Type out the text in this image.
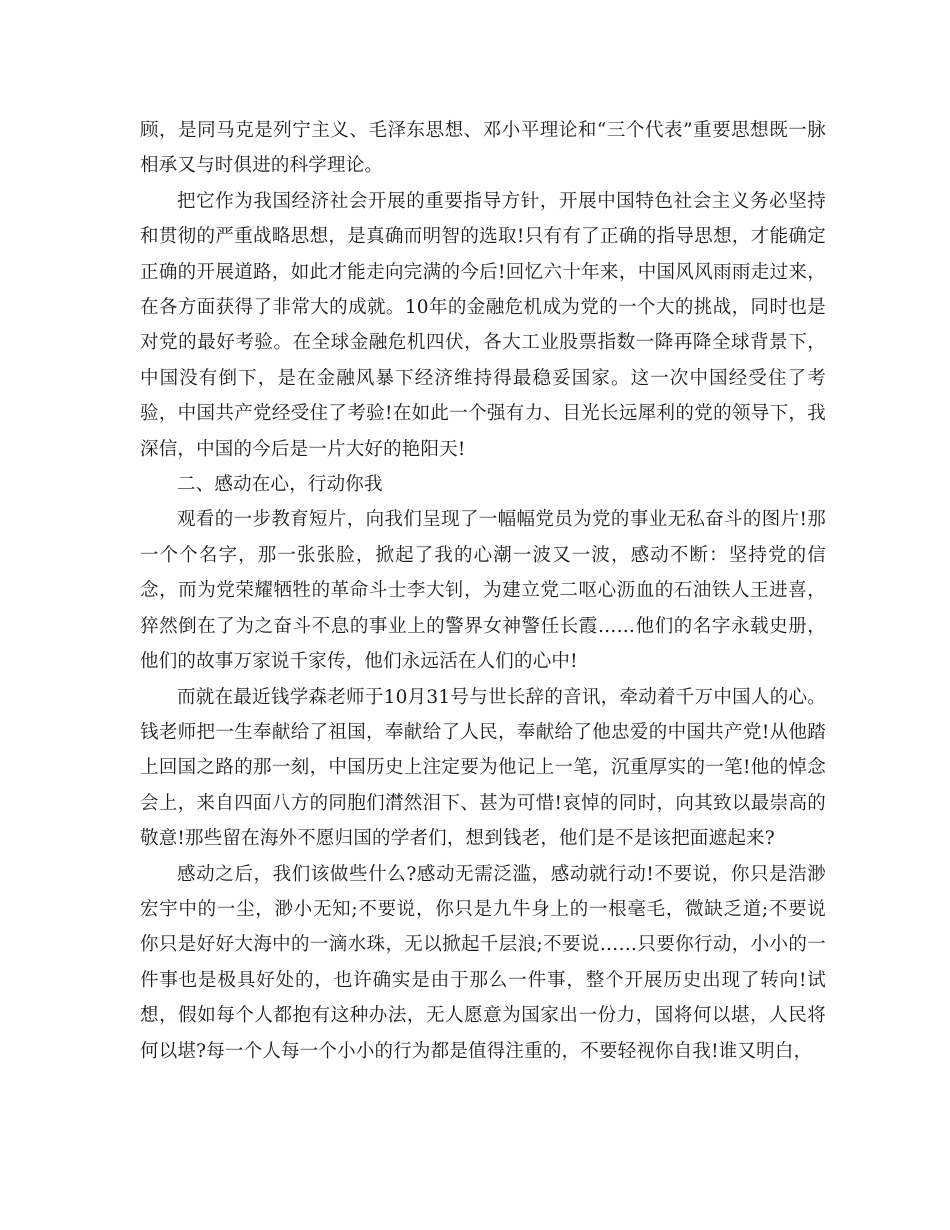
顾，是同马克是列宁主义、毛泽东思想、邓小平理论和“三个代表”重要思想既一脉相承又与时俱进的科学理论。

把它作为我国经济社会开展的重要指导方针，开展中国特色社会主义务必坚持和贯彻的严重战略思想，是真确而明智的选取!只有有了正确的指导思想，才能确定正确的开展道路，如此才能走向完满的今后!回忆六十年来，中国风风雨雨走过来，在各方面获得了非常大的成就。10年的金融危机成为党的一个大的挑战，同时也是对党的最好考验。在全球金融危机四伏，各大工业股票指数一降再降全球背景下，中国没有倒下，是在金融风暴下经济维持得最稳妥国家。这一次中国经受住了考验，中国共产党经受住了考验!在如此一个强有力、目光长远犀利的党的领导下，我深信，中国的今后是一片大好的艳阳天!

二、感动在心，行动你我

观看的一步教育短片，向我们呈现了一幅幅党员为党的事业无私奋斗的图片!那一个个名字，那一张张脸，掀起了我的心潮一波又一波，感动不断：坚持党的信念，而为党荣耀牺牲的革命斗士李大钊，为建立党二呕心沥血的石油铁人王进喜，猝然倒在了为之奋斗不息的事业上的警界女神警任长霞……他们的名字永载史册，他们的故事万家说千家传，他们永远活在人们的心中!

而就在最近钱学森老师于10月31号与世长辞的音讯，牵动着千万中国人的心。钱老师把一生奉献给了祖国，奉献给了人民，奉献给了他忠爱的中国共产党!从他踏上回国之路的那一刻，中国历史上注定要为他记上一笔，沉重厚实的一笔!他的悼念会上，来自四面八方的同胞们潸然泪下、甚为可惜!哀悼的同时，向其致以最崇高的敬意!那些留在海外不愿归国的学者们，想到钱老，他们是不是该把面遮起来?

感动之后，我们该做些什么?感动无需泛滥，感动就行动!不要说，你只是浩渺宏宇中的一尘，渺小无知;不要说，你只是九牛身上的一根毫毛，微缺乏道;不要说你只是好好大海中的一滴水珠，无以掀起千层浪;不要说……只要你行动，小小的一件事也是极具好处的，也许确实是由于那么一件事，整个开展历史出现了转向!试想，假如每个人都抱有这种办法，无人愿意为国家出一份力，国将何以堪，人民将何以堪?每一个人每一个小小的行为都是值得注重的，不要轻视你自我!谁又明白，
